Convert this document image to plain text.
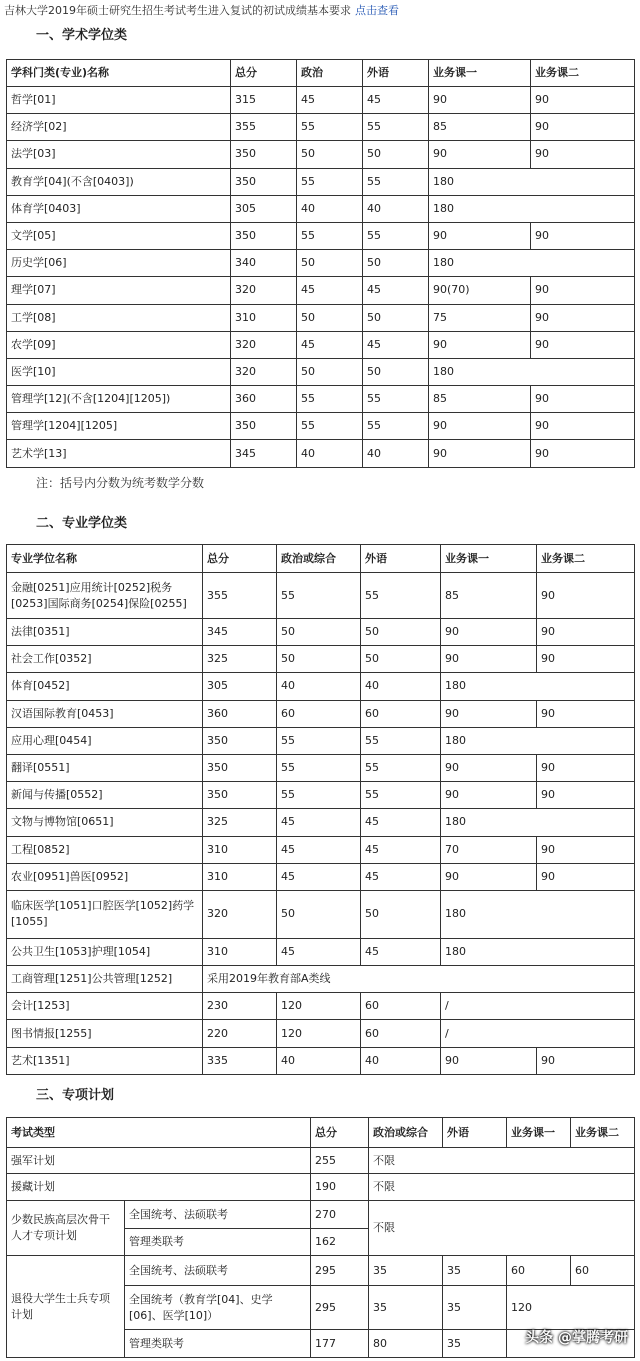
吉林大学2019年硕士研究生招生考试考生进入复试的初试成绩基本要求 点击查看
一、学术学位类
学科门类(专业)名称	总分	政治	外语	业务课一	业务课二
哲学[01]	315	45	45	90	90
经济学[02]	355	55	55	85	90
法学[03]	350	50	50	90	90
教育学[04](不含[0403])	350	55	55	180	
体育学[0403]	305	40	40	180	
文学[05]	350	55	55	90	90
历史学[06]	340	50	50	180	
理学[07]	320	45	45	90(70)	90
工学[08]	310	50	50	75	90
农学[09]	320	45	45	90	90
医学[10]	320	50	50	180	
管理学[12](不含[1204][1205])	360	55	55	85	90
管理学[1204][1205]	350	55	55	90	90
艺术学[13]	345	40	40	90	90
注：括号内分数为统考数学分数
二、专业学位类
专业学位名称	总分	政治或综合	外语	业务课一	业务课二
金融[0251]应用统计[0252]税务[0253]国际商务[0254]保险[0255]	355	55	55	85	90
法律[0351]	345	50	50	90	90
社会工作[0352]	325	50	50	90	90
体育[0452]	305	40	40	180	
汉语国际教育[0453]	360	60	60	90	90
应用心理[0454]	350	55	55	180	
翻译[0551]	350	55	55	90	90
新闻与传播[0552]	350	55	55	90	90
文物与博物馆[0651]	325	45	45	180	
工程[0852]	310	45	45	70	90
农业[0951]兽医[0952]	310	45	45	90	90
临床医学[1051]口腔医学[1052]药学[1055]	320	50	50	180	
公共卫生[1053]护理[1054]	310	45	45	180	
工商管理[1251]公共管理[1252]	采用2019年教育部A类线				
会计[1253]	230	120	60	/	
图书情报[1255]	220	120	60	/	
艺术[1351]	335	40	40	90	90
三、专项计划
考试类型		总分	政治或综合	外语	业务课一	业务课二
强军计划		255	不限			
援藏计划		190	不限			
少数民族高层次骨干人才专项计划	全国统考、法硕联考	270	不限			
	管理类联考	162				
退役大学生士兵专项计划	全国统考、法硕联考	295	35	35	60	60
	全国统考（教育学[04]、史学[06]、医学[10]）	295	35	35	120	
	管理类联考	177	80	35			头条 @掌腾考研
